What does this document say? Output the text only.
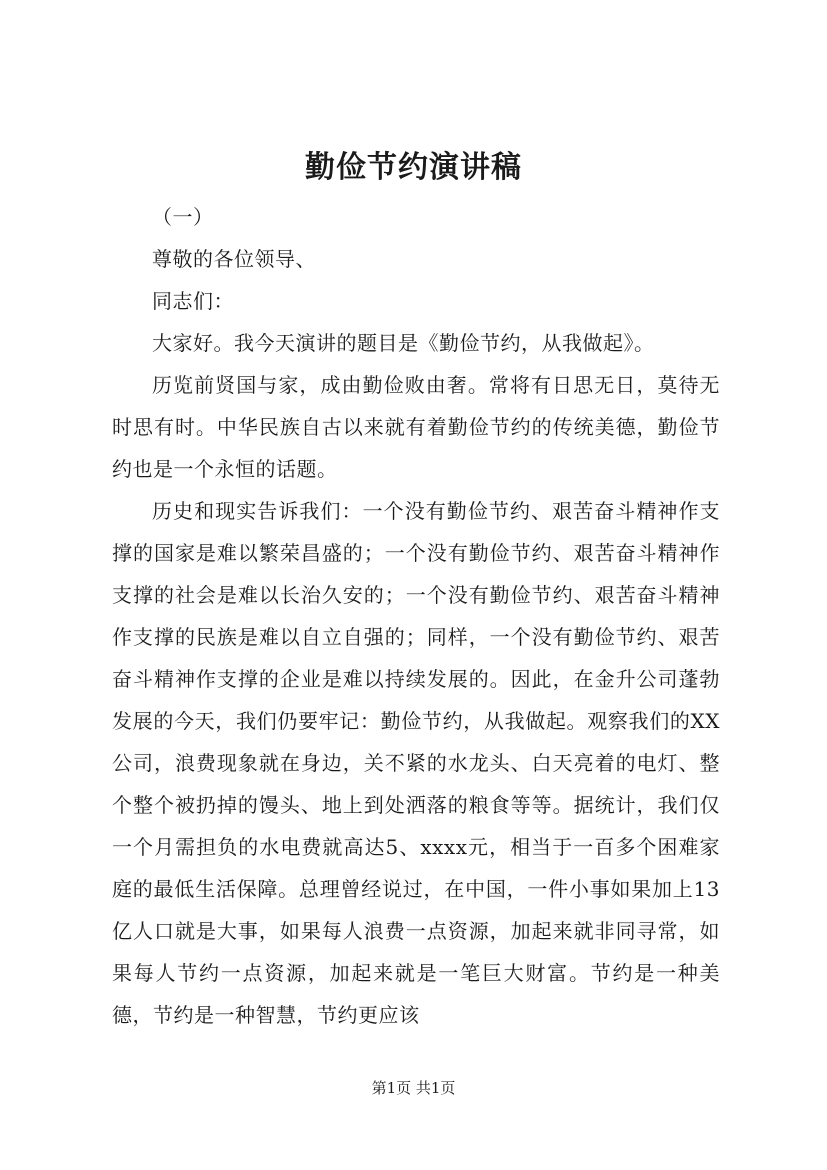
勤俭节约演讲稿

（一）

尊敬的各位领导、

同志们：

大家好。我今天演讲的题目是《勤俭节约，从我做起》。

历览前贤国与家，成由勤俭败由奢。常将有日思无日，莫待无时思有时。中华民族自古以来就有着勤俭节约的传统美德，勤俭节约也是一个永恒的话题。

历史和现实告诉我们：一个没有勤俭节约、艰苦奋斗精神作支撑的国家是难以繁荣昌盛的；一个没有勤俭节约、艰苦奋斗精神作支撑的社会是难以长治久安的；一个没有勤俭节约、艰苦奋斗精神作支撑的民族是难以自立自强的；同样，一个没有勤俭节约、艰苦奋斗精神作支撑的企业是难以持续发展的。因此，在金升公司蓬勃发展的今天，我们仍要牢记：勤俭节约，从我做起。观察我们的XX公司，浪费现象就在身边，关不紧的水龙头、白天亮着的电灯、整个整个被扔掉的馒头、地上到处洒落的粮食等等。据统计，我们仅一个月需担负的水电费就高达5、xxxx元，相当于一百多个困难家庭的最低生活保障。总理曾经说过，在中国，一件小事如果加上13亿人口就是大事，如果每人浪费一点资源，加起来就非同寻常，如果每人节约一点资源，加起来就是一笔巨大财富。节约是一种美德，节约是一种智慧，节约更应该

第1页 共1页
